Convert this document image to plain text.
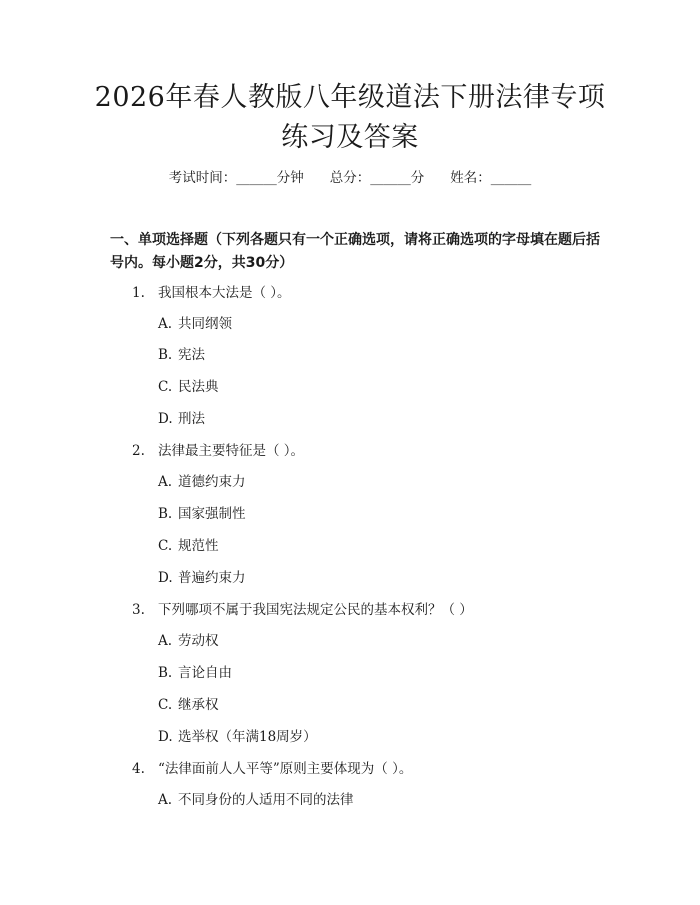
2026年春人教版八年级道法下册法律专项练习及答案
考试时间：______分钟 总分：______分 姓名：______
一、单项选择题（下列各题只有一个正确选项，请将正确选项的字母填在题后括号内。每小题2分，共30分）
1. 我国根本大法是（ ）。
A. 共同纲领
B. 宪法
C. 民法典
D. 刑法
2. 法律最主要特征是（ ）。
A. 道德约束力
B. 国家强制性
C. 规范性
D. 普遍约束力
3. 下列哪项不属于我国宪法规定公民的基本权利？（ ）
A. 劳动权
B. 言论自由
C. 继承权
D. 选举权（年满18周岁）
4. “法律面前人人平等”原则主要体现为（ ）。
A. 不同身份的人适用不同的法律
